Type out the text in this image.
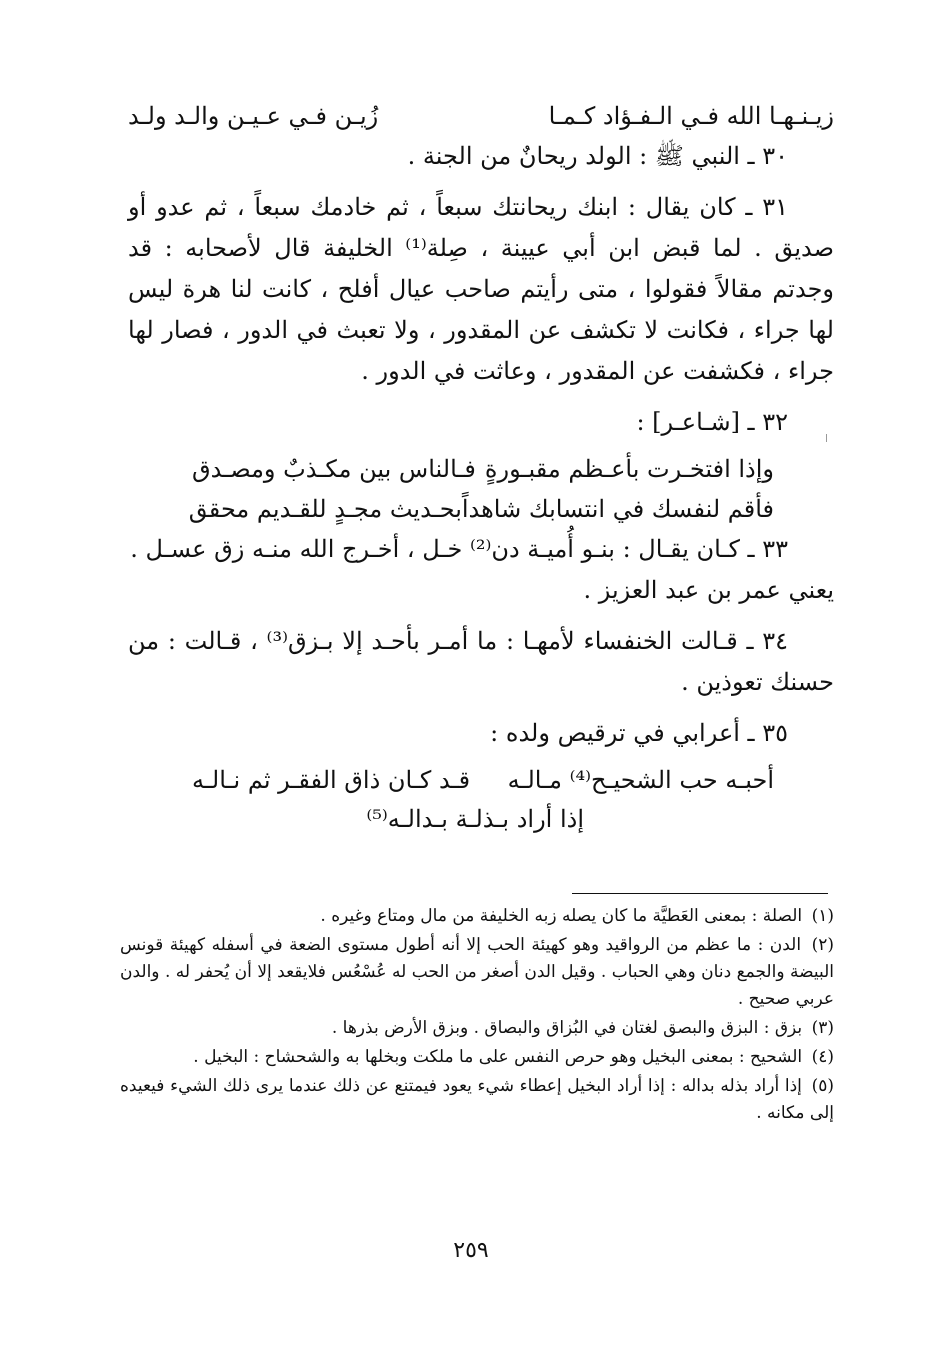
زيـنـهـا الله فـي الـفـؤاد كـمـا
زُيـن فـي عـيـن والـد ولـد

٣٠ ـ النبي ﷺ : الولد ريحانٌ من الجنة .

٣١ ـ كان يقال : ابنك ريحانتك سبعاً ، ثم خادمك سبعاً ، ثم عدو أو صديق . لما قبض ابن أبي عيينة ، صِلة⁽¹⁾ الخليفة قال لأصحابه : قد وجدتم مقالاً فقولوا ، متى رأيتم صاحب عيال أفلح ، كانت لنا هرة ليس لها جراء ، فكانت لا تكشف عن المقدور ، ولا تعبث في الدور ، فصار لها جراء ، فكشفت عن المقدور ، وعاثت في الدور .

٣٢ ـ [شـاعـر] :

وإذا افتخـرت بأعـظم مقبـورةٍ
فـالناس بين مكـذبٌ ومصـدق
فأقم لنفسك في انتسابك شاهداً
بحـديث مجـدٍ للقـديم محقق

٣٣ ـ كـان يقـال : بنـو أُميـة دن⁽²⁾ خـل ، أخـرج الله منـه زق عسـل .

يعني عمر بن عبد العزيز .

٣٤ ـ قـالت الخنفساء لأمهـا : ما أمـر بأحـد إلا بـزق⁽³⁾ ، قـالت : من حسنك تعوذين .

٣٥ ـ أعرابي في ترقيص ولده :

أحبـه حب الشحيـح⁽⁴⁾ مـالـه
قـد كـان ذاق الفقـر ثم نـالـه
إذا أراد بـذلـة بـدالـه⁽⁵⁾

(١) الصلة : بمعنى العَطيَّة ما كان يصله زبه الخليفة من مال ومتاع وغيره .

(٢) الدن : ما عظم من الرواقيد وهو كهيئة الحب إلا أنه أطول مستوى الضعة في أسفله كهيئة قونس البيضة والجمع دنان وهي الحباب . وقيل الدن أصغر من الحب له عُسْعُس فلايقعد إلا أن يُحفر له . والدن عربي صحيح .

(٣) بزق : البزق والبصق لغتان في البُزاق والبصاق . وبزق الأرض بذرها .

(٤) الشحيح : بمعنى البخيل وهو حرص النفس على ما ملكت وبخلها به والشحشاح : البخيل .

(٥) إذا أراد بذله بداله : إذا أراد البخيل إعطاء شيء يعود فيمتنع عن ذلك عندما يرى ذلك الشيء فيعيده إلى مكانه .

٢٥٩
